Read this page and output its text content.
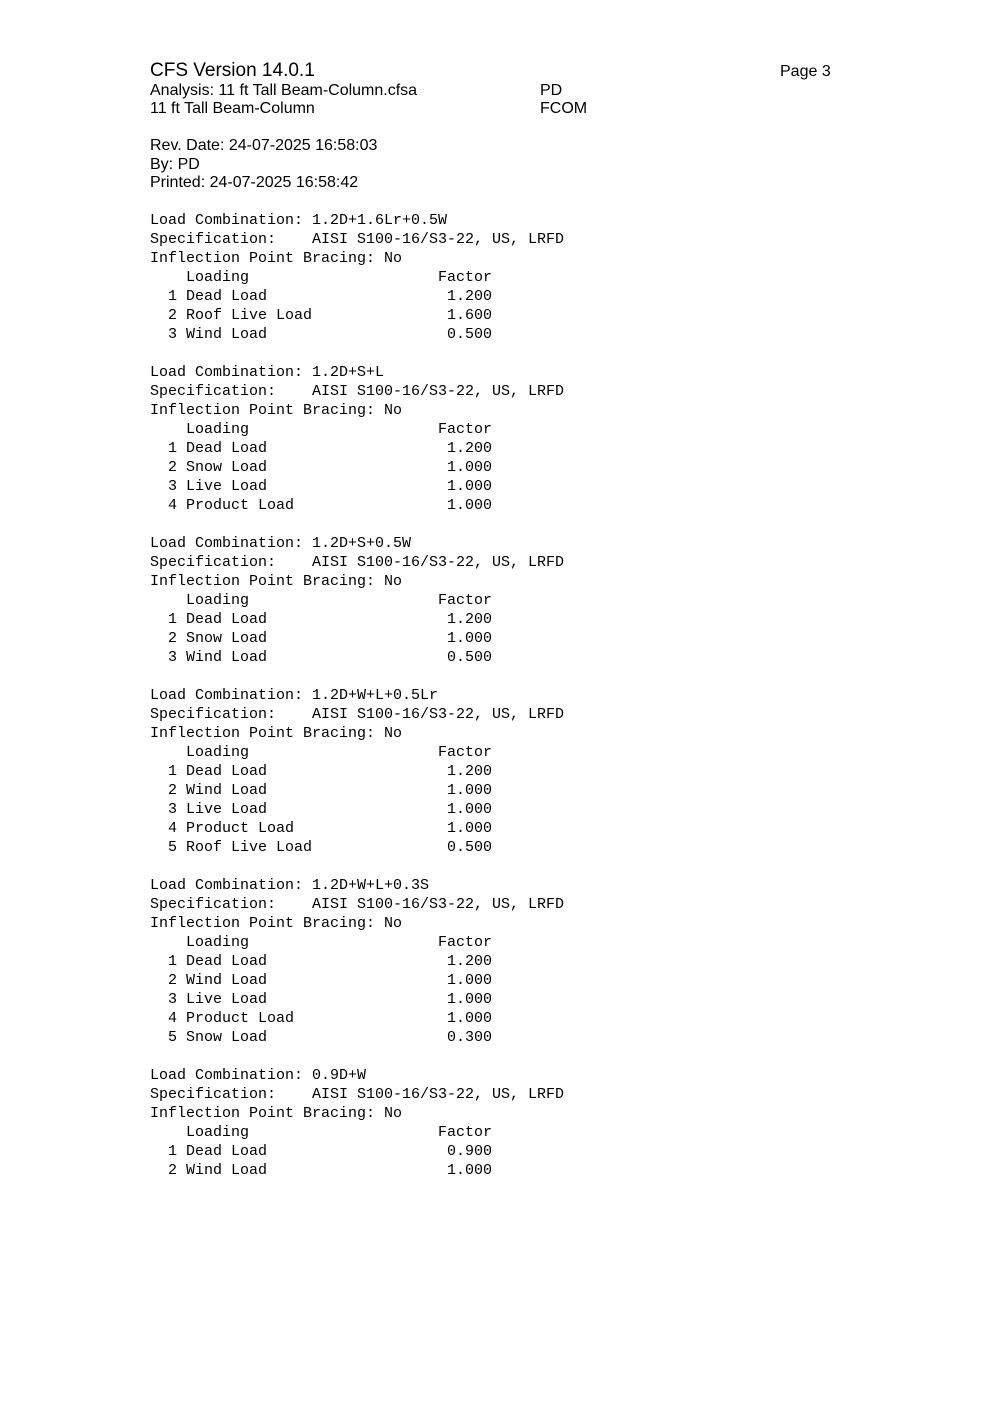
CFS Version 14.0.1	Page 3
Analysis: 11 ft Tall Beam-Column.cfsa	PD
11 ft Tall Beam-Column	FCOM
Rev. Date: 24-07-2025 16:58:03
By: PD
Printed: 24-07-2025 16:58:42
Load Combination: 1.2D+1.6Lr+0.5W
Specification: AISI S100-16/S3-22, US, LRFD
Inflection Point Bracing: No
Loading	Factor
1 Dead Load	1.200
2 Roof Live Load	1.600
3 Wind Load	0.500
Load Combination: 1.2D+S+L
Specification: AISI S100-16/S3-22, US, LRFD
Inflection Point Bracing: No
Loading	Factor
1 Dead Load	1.200
2 Snow Load	1.000
3 Live Load	1.000
4 Product Load	1.000
Load Combination: 1.2D+S+0.5W
Specification: AISI S100-16/S3-22, US, LRFD
Inflection Point Bracing: No
Loading	Factor
1 Dead Load	1.200
2 Snow Load	1.000
3 Wind Load	0.500
Load Combination: 1.2D+W+L+0.5Lr
Specification: AISI S100-16/S3-22, US, LRFD
Inflection Point Bracing: No
Loading	Factor
1 Dead Load	1.200
2 Wind Load	1.000
3 Live Load	1.000
4 Product Load	1.000
5 Roof Live Load	0.500
Load Combination: 1.2D+W+L+0.3S
Specification: AISI S100-16/S3-22, US, LRFD
Inflection Point Bracing: No
Loading	Factor
1 Dead Load	1.200
2 Wind Load	1.000
3 Live Load	1.000
4 Product Load	1.000
5 Snow Load	0.300
Load Combination: 0.9D+W
Specification: AISI S100-16/S3-22, US, LRFD
Inflection Point Bracing: No
Loading	Factor
1 Dead Load	0.900
2 Wind Load	1.000
